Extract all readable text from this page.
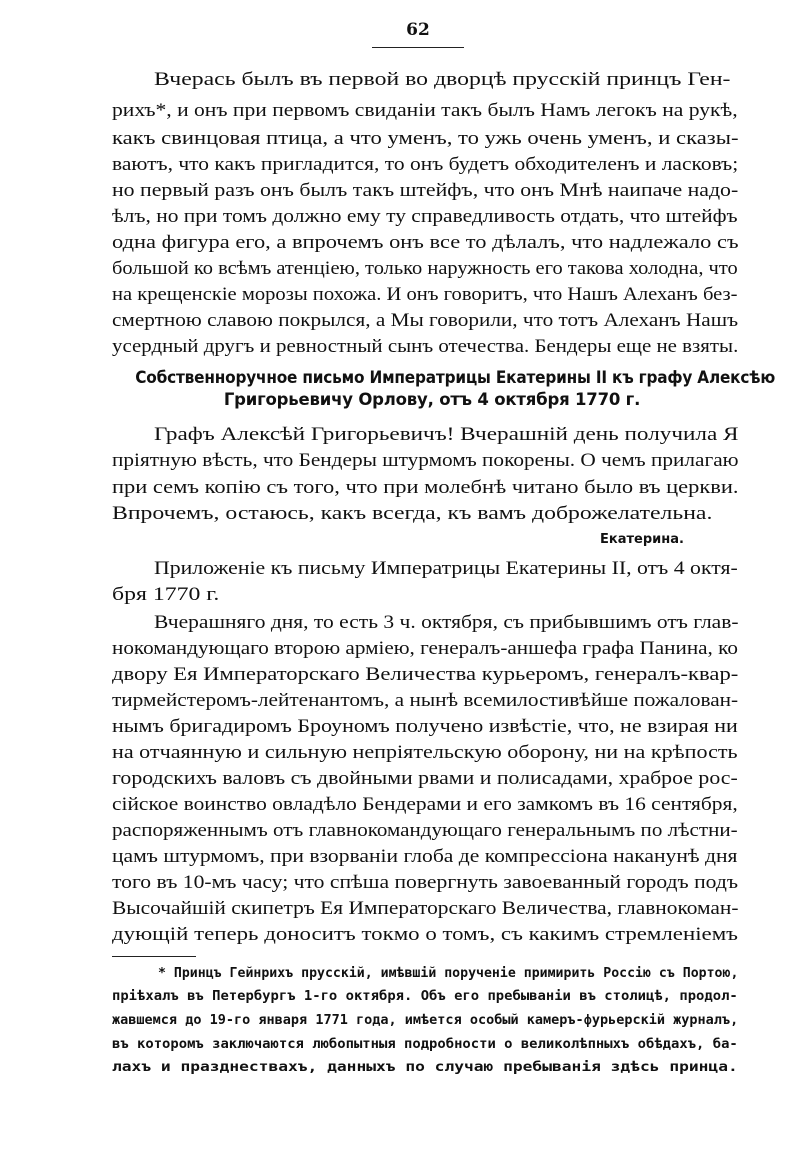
62
Вчерась былъ въ первой во дворцѣ прусскій принцъ Ген-
рихъ*, и онъ при первомъ свиданіи такъ былъ Намъ легокъ на рукѣ,
какъ свинцовая птица, а что уменъ, то ужь очень уменъ, и сказы-
ваютъ, что какъ пригладится, то онъ будетъ обходителенъ и ласковъ;
но первый разъ онъ былъ такъ штейфъ, что онъ Мнѣ наипаче надо-
ѣлъ, но при томъ должно ему ту справедливость отдать, что штейфъ
одна фигура его, а впрочемъ онъ все то дѣлалъ, что надлежало съ
большой ко всѣмъ атенціею, только наружность его такова холодна, что
на крещенскіе морозы похожа. И онъ говоритъ, что Нашъ Алеханъ без-
смертною славою покрылся, а Мы говорили, что тотъ Алеханъ Нашъ
усердный другъ и ревностный сынъ отечества. Бендеры еще не взяты.
Собственноручное письмо Императрицы Екатерины II къ графу Алексѣю
Григорьевичу Орлову, отъ 4 октября 1770 г.
Графъ Алексѣй Григорьевичъ! Вчерашній день получила Я
пріятную вѣсть, что Бендеры штурмомъ покорены. О чемъ прилагаю
при семъ копію съ того, что при молебнѣ читано было въ церкви.
Впрочемъ, остаюсь, какъ всегда, къ вамъ доброжелательна.
Екатерина.
Приложеніе къ письму Императрицы Екатерины II, отъ 4 октя-
бря 1770 г.
Вчерашняго дня, то есть 3 ч. октября, съ прибывшимъ отъ глав-
нокомандующаго второю арміею, генералъ-аншефа графа Панина, ко
двору Ея Императорскаго Величества курьеромъ, генералъ-квар-
тирмейстеромъ-лейтенантомъ, а нынѣ всемилостивѣйше пожалован-
нымъ бригадиромъ Броуномъ получено извѣстіе, что, не взирая ни
на отчаянную и сильную непріятельскую оборону, ни на крѣпость
городскихъ валовъ съ двойными рвами и полисадами, храброе рос-
сійское воинство овладѣло Бендерами и его замкомъ въ 16 сентября,
распоряженнымъ отъ главнокомандующаго генеральнымъ по лѣстни-
цамъ штурмомъ, при взорваніи глоба де компрессіона наканунѣ дня
того въ 10-мъ часу; что спѣша повергнуть завоеванный городъ подъ
Высочайшій скипетръ Ея Императорскаго Величества, главнокоман-
дующій теперь доноситъ токмо о томъ, съ какимъ стремленіемъ
* Принцъ Гейнрихъ прусскій, имѣвшій порученіе примирить Россію съ Портою,
пріѣхалъ въ Петербургъ 1-го октября. Объ его пребываніи въ столицѣ, продол-
жавшемся до 19-го января 1771 года, имѣется особый камеръ-фурьерскій журналъ,
въ которомъ заключаются любопытныя подробности о великолѣпныхъ обѣдахъ, ба-
лахъ и празднествахъ, данныхъ по случаю пребыванія здѣсь принца.
